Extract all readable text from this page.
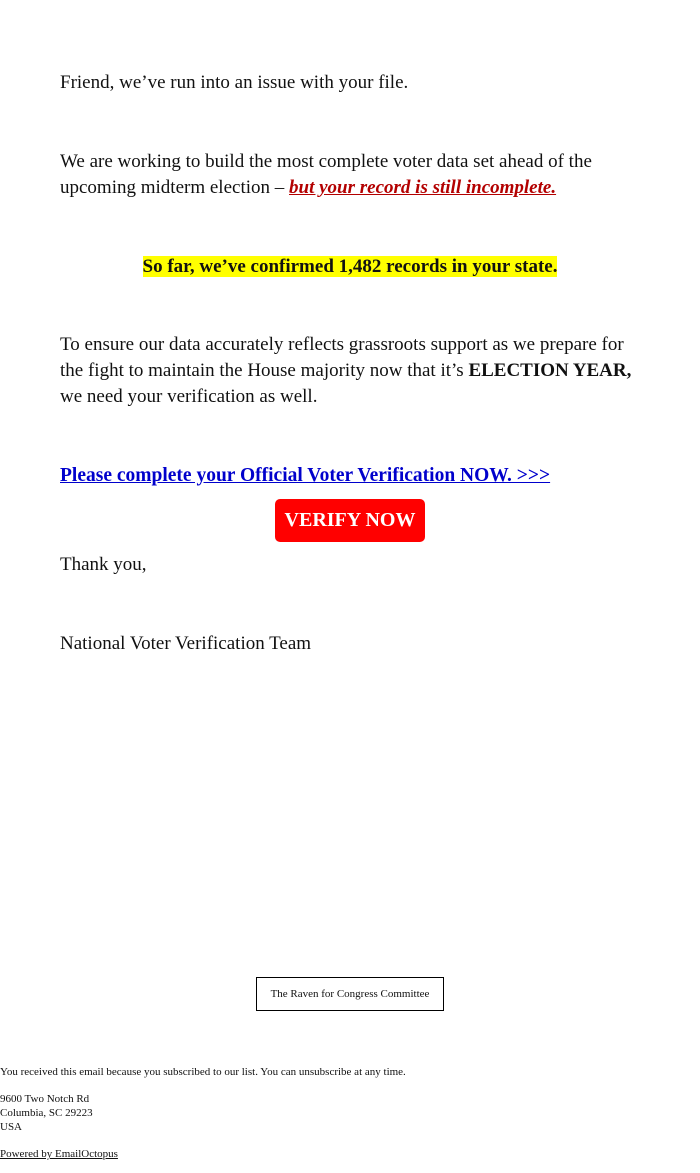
Friend, we’ve run into an issue with your file.

We are working to build the most complete voter data set ahead of the upcoming midterm election – but your record is still incomplete.

So far, we’ve confirmed 1,482 records in your state.

To ensure our data accurately reflects grassroots support as we prepare for the fight to maintain the House majority now that it’s ELECTION YEAR, we need your verification as well.

Please complete your Official Voter Verification NOW. >>>
VERIFY NOW

Thank you,

National Voter Verification Team

The Raven for Congress Committee

You received this email because you subscribed to our list. You can unsubscribe at any time.

9600 Two Notch Rd
Columbia, SC 29223
USA
Powered by EmailOctopus
